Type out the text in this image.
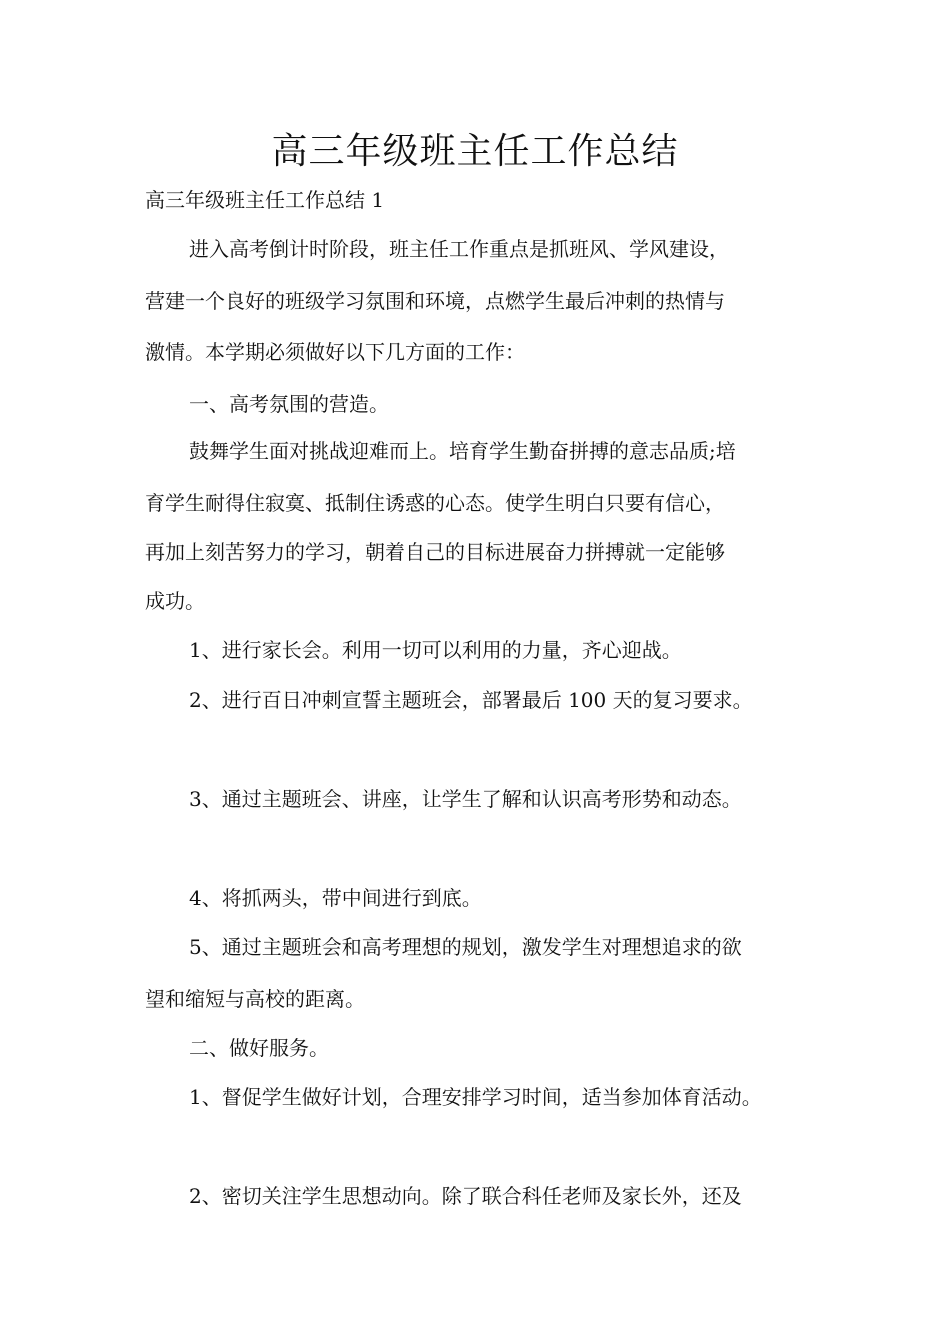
高三年级班主任工作总结

高三年级班主任工作总结 1

进入高考倒计时阶段，班主任工作重点是抓班风、学风建设，

营建一个良好的班级学习氛围和环境，点燃学生最后冲刺的热情与

激情。本学期必须做好以下几方面的工作：

一、高考氛围的营造。

鼓舞学生面对挑战迎难而上。培育学生勤奋拼搏的意志品质;培

育学生耐得住寂寞、抵制住诱惑的心态。使学生明白只要有信心，

再加上刻苦努力的学习，朝着自己的目标进展奋力拼搏就一定能够

成功。

1、进行家长会。利用一切可以利用的力量，齐心迎战。

2、进行百日冲刺宣誓主题班会，部署最后 100 天的复习要求。

3、通过主题班会、讲座，让学生了解和认识高考形势和动态。

4、将抓两头，带中间进行到底。

5、通过主题班会和高考理想的规划，激发学生对理想追求的欲

望和缩短与高校的距离。

二、做好服务。

1、督促学生做好计划，合理安排学习时间，适当参加体育活动。

2、密切关注学生思想动向。除了联合科任老师及家长外，还及
